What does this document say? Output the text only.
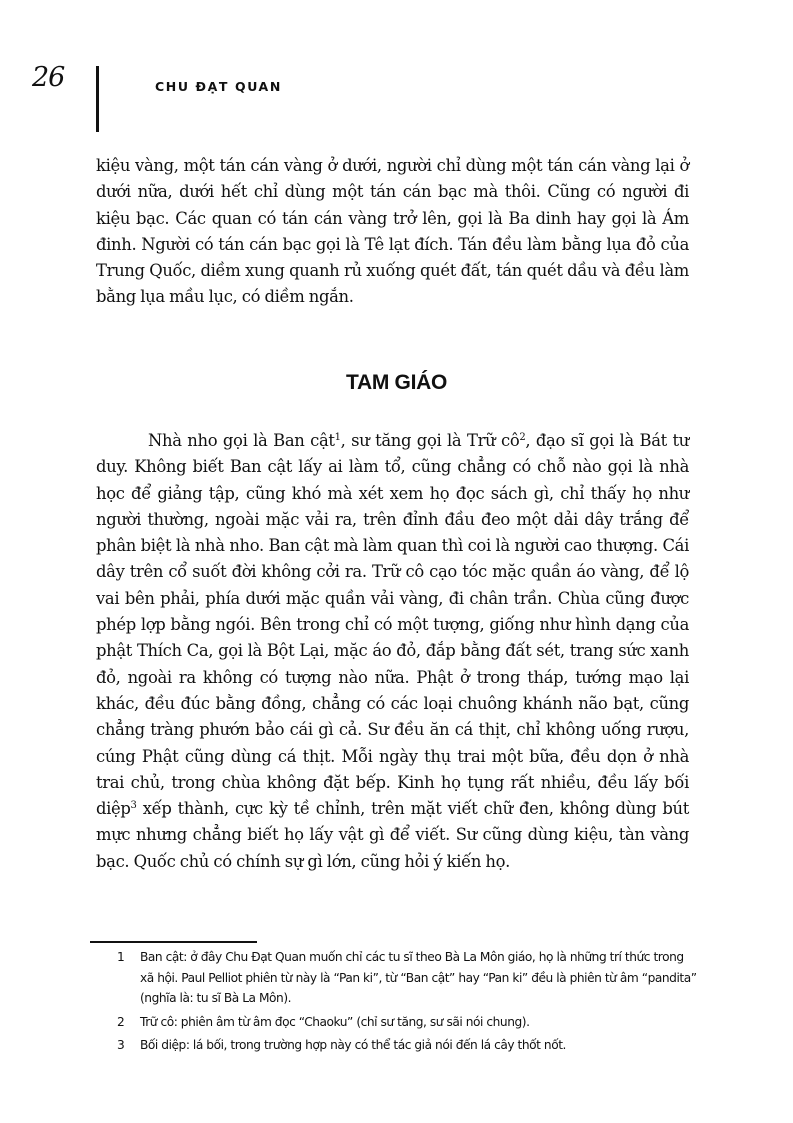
26	CHU ĐẠT QUAN

kiệu vàng, một tán cán vàng ở dưới, người chỉ dùng một tán cán vàng lại ở dưới nữa, dưới hết chỉ dùng một tán cán bạc mà thôi. Cũng có người đi kiệu bạc. Các quan có tán cán vàng trở lên, gọi là Ba dinh hay gọi là Ám đinh. Người có tán cán bạc gọi là Tê lạt đích. Tán đều làm bằng lụa đỏ của Trung Quốc, diềm xung quanh rủ xuống quét đất, tán quét dầu và đều làm bằng lụa mầu lục, có diềm ngắn.

TAM GIÁO

Nhà nho gọi là Ban cật$^1$, sư tăng gọi là Trữ $cô^2$, đạo sĩ gọi là Bát tư duy. Không biết Ban cật lấy ai làm tổ, cũng chẳng có chỗ nào gọi là nhà học để giảng tập, cũng khó mà xét xem họ đọc sách gì, chỉ thấy họ như người thường, ngoài mặc vải ra, trên đỉnh đầu đeo một dải dây trắng để phân biệt là nhà nho. Ban cật mà làm quan thì coi là người cao thượng. Cái dây trên cổ suốt đời không cởi ra. Trữ cô cạo tóc mặc quần áo vàng, để lộ vai bên phải, phía dưới mặc quần vải vàng, đi chân trần. Chùa cũng được phép lợp bằng ngói. Bên trong chỉ có một tượng, giống như hình dạng của phật Thích Ca, gọi là Bột Lại, mặc áo đỏ, đắp bằng đất sét, trang sức xanh đỏ, ngoài ra không có tượng nào nữa. Phật ở trong tháp, tướng mạo lại khác, đều đúc bằng đồng, chẳng có các loại chuông khánh não bạt, cũng chẳng tràng phướn bảo cái gì cả. Sư đều ăn cá thịt, chỉ không uống rượu, cúng Phật cũng dùng cá thịt. Mỗi ngày thụ trai một bữa, đều dọn ở nhà trai chủ, trong chùa không đặt bếp. Kinh họ tụng rất nhiều, đều lấy bối diệp$^3$ xếp thành, cực kỳ tề chỉnh, trên mặt viết chữ đen, không dùng bút mực nhưng chẳng biết họ lấy vật gì để viết. Sư cũng dùng kiệu, tàn vàng bạc. Quốc chủ có chính sự gì lớn, cũng hỏi ý kiến họ.

1 Ban cật: ở đây Chu Đạt Quan muốn chỉ các tu sĩ theo Bà La Môn giáo, họ là những trí thức trong xã hội. Paul Pelliot phiên từ này là “Pan ki”, từ “Ban cật” hay “Pan ki” đều là phiên từ âm “pandita” (nghĩa là: tu sĩ Bà La Môn).
2 Trữ cô: phiên âm từ âm đọc “Chaoku” (chỉ sư tăng, sư sãi nói chung).
3 Bối diệp: lá bối, trong trường hợp này có thể tác giả nói đến lá cây thốt nốt.
